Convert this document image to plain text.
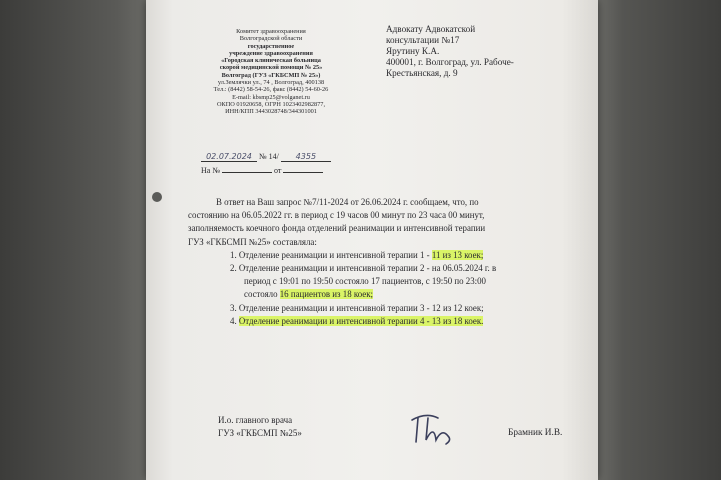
Комитет здравоохранения
Волгоградской области
государственное
учреждение здравоохранения
«Городская клиническая больница
скорой медицинской помощи № 25»
Волгоград (ГУЗ «ГКБСМП № 25»)
ул.Землячки ул., 74 , Волгоград, 400138
Тел.: (8442) 58-54-26, факс (8442) 54-60-26
E-mail: kbsmp25@volganet.ru
ОКПО 01920658, ОГРН 1023402982877,
ИНН/КПП 3443028748/344301001
Адвокату Адвокатской
консультации №17
Ярутину К.А.
400001, г. Волгоград, ул. Рабоче-
Крестьянская, д. 9
02.07.2024 № 14/ 4355
На №	от
В ответ на Ваш запрос №7/11-2024 от 26.06.2024 г. сообщаем, что, по
состоянию на 06.05.2022 гг. в период с 19 часов 00 минут по 23 часа 00 минут,
заполняемость коечного фонда отделений реанимации и интенсивной терапии
ГУЗ «ГКБСМП №25» составляла:
1. Отделение реанимации и интенсивной терапии 1 - 11 из 13 коек;
2. Отделение реанимации и интенсивной терапии 2 - на 06.05.2024 г. в
период с 19:01 по 19:50 состояло 17 пациентов, с 19:50 по 23:00
состояло 16 пациентов из 18 коек;
3. Отделение реанимации и интенсивной терапии 3 - 12 из 12 коек;
4. Отделение реанимации и интенсивной терапии 4 - 13 из 18 коек.
И.о. главного врача
ГУЗ «ГКБСМП №25»	Брамник И.В.
